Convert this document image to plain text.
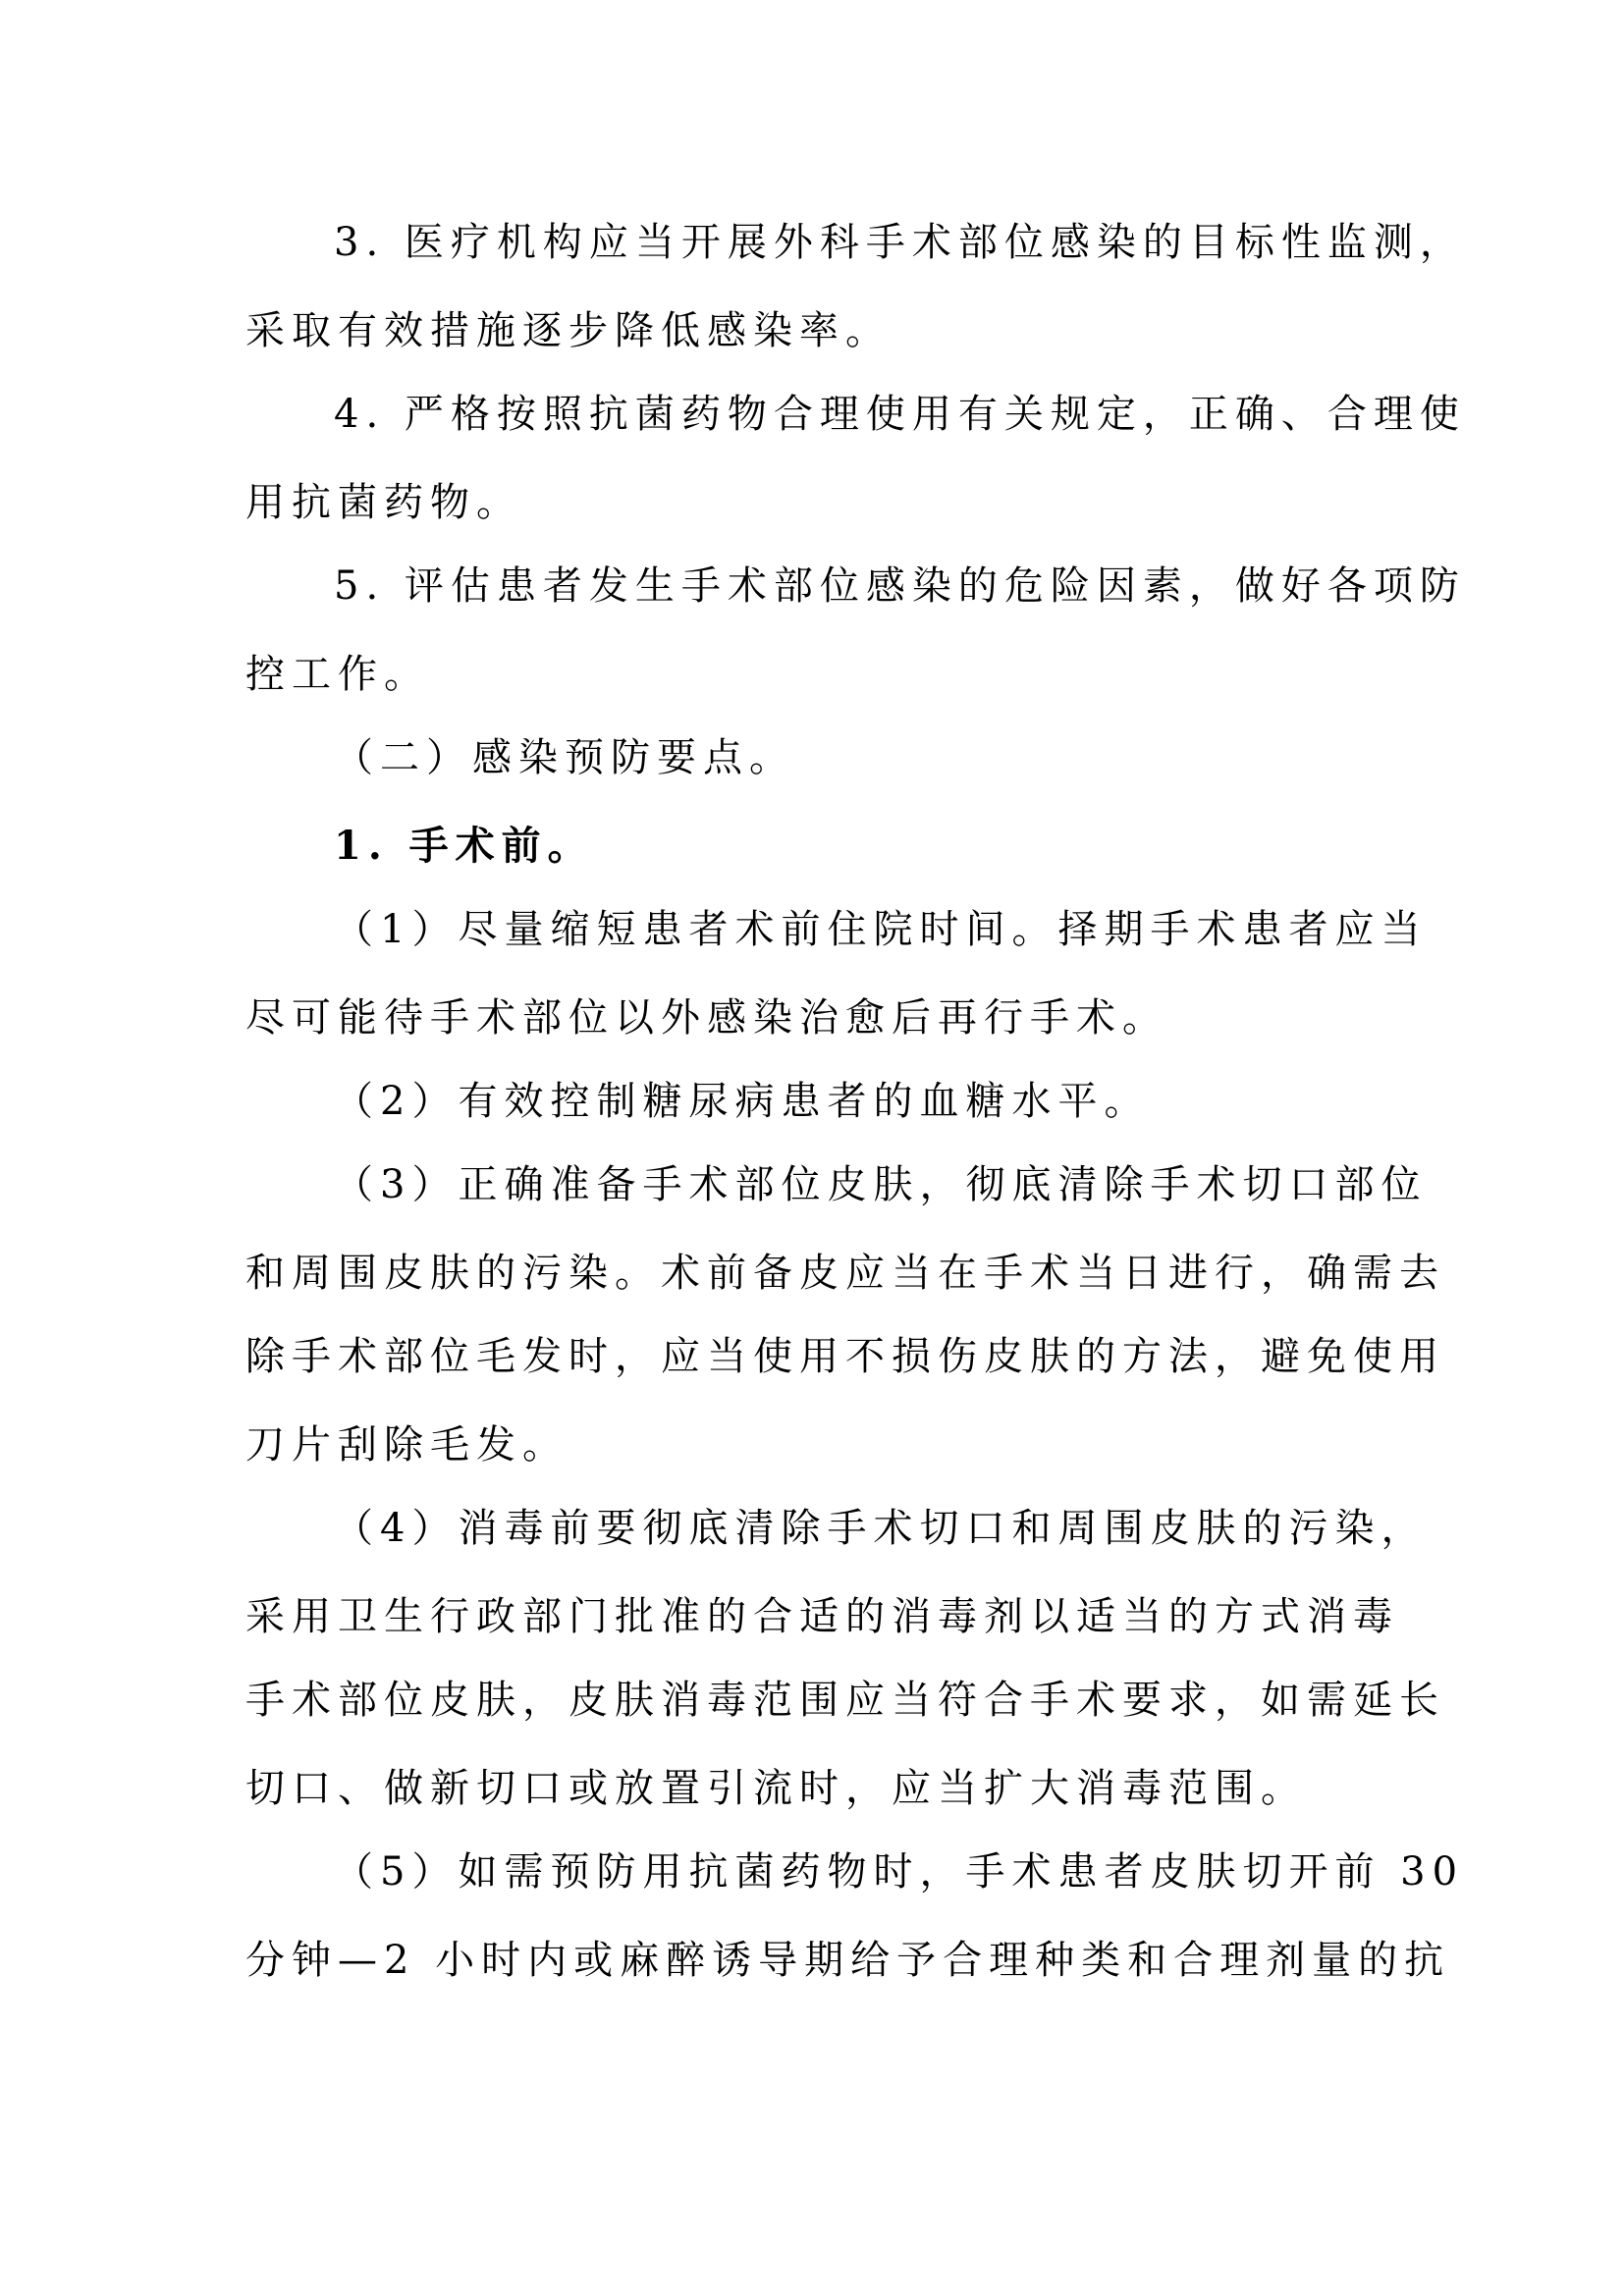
3. 医疗机构应当开展外科手术部位感染的目标性监测，
采取有效措施逐步降低感染率。
4. 严格按照抗菌药物合理使用有关规定，正确、合理使
用抗菌药物。
5. 评估患者发生手术部位感染的危险因素，做好各项防
控工作。
（二）感染预防要点。
1. 手术前。
（1）尽量缩短患者术前住院时间。择期手术患者应当
尽可能待手术部位以外感染治愈后再行手术。
（2）有效控制糖尿病患者的血糖水平。
（3）正确准备手术部位皮肤，彻底清除手术切口部位
和周围皮肤的污染。术前备皮应当在手术当日进行，确需去
除手术部位毛发时，应当使用不损伤皮肤的方法，避免使用
刀片刮除毛发。
（4）消毒前要彻底清除手术切口和周围皮肤的污染，
采用卫生行政部门批准的合适的消毒剂以适当的方式消毒
手术部位皮肤，皮肤消毒范围应当符合手术要求，如需延长
切口、做新切口或放置引流时，应当扩大消毒范围。
（5）如需预防用抗菌药物时，手术患者皮肤切开前 30
分钟—2 小时内或麻醉诱导期给予合理种类和合理剂量的抗
